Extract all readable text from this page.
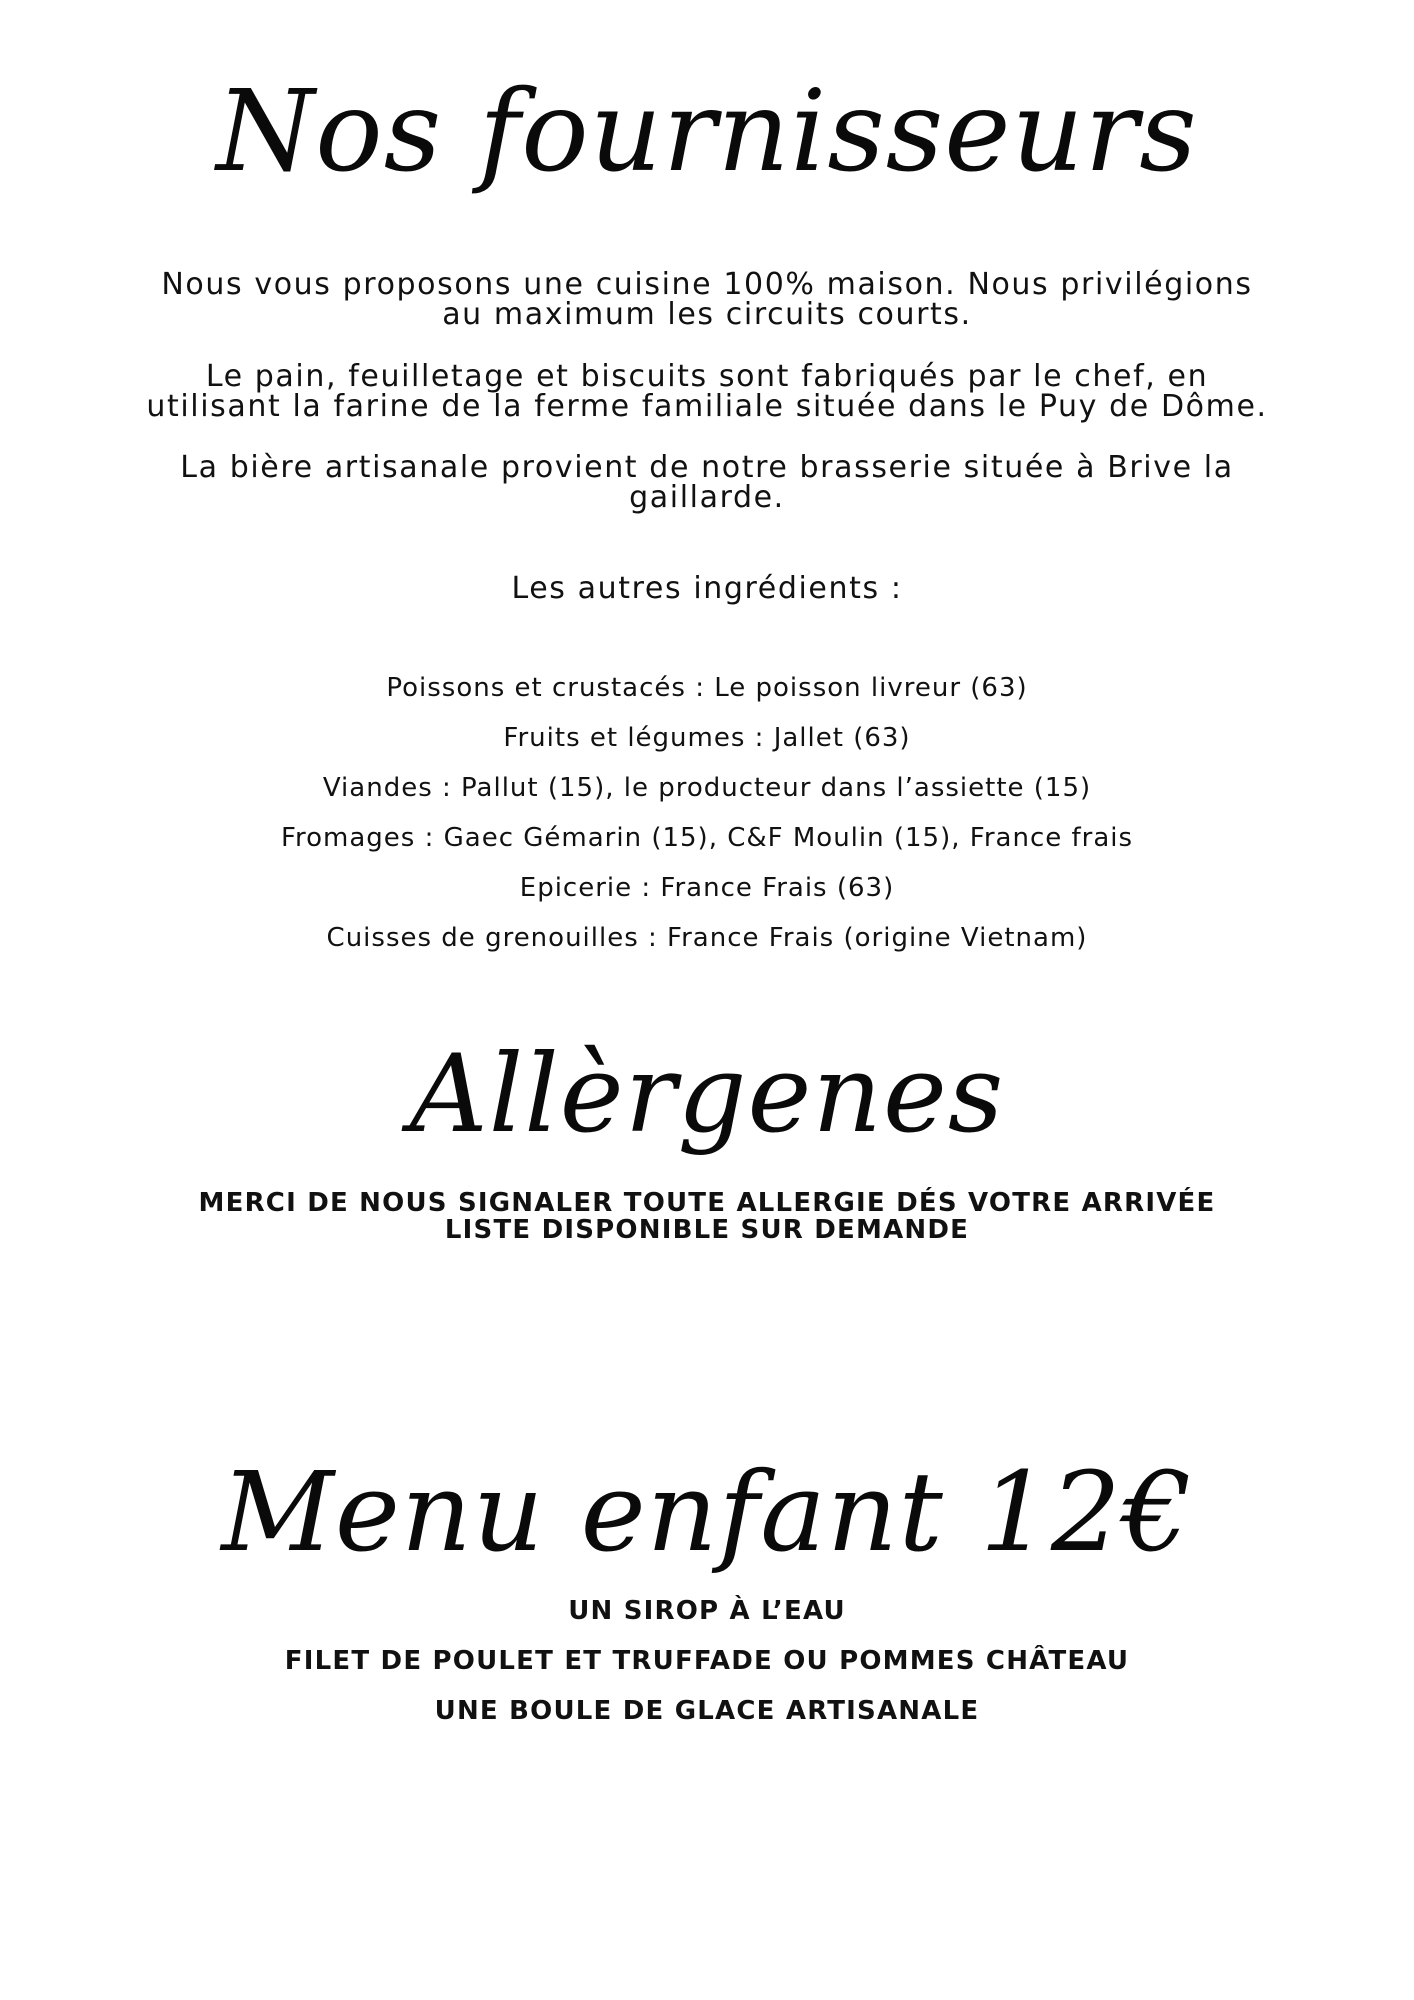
Nos fournisseurs
Nous vous proposons une cuisine 100% maison. Nous privilégions
au maximum les circuits courts.
Le pain, feuilletage et biscuits sont fabriqués par le chef, en
utilisant la farine de la ferme familiale située dans le Puy de Dôme.
La bière artisanale provient de notre brasserie située à Brive la
gaillarde.
Les autres ingrédients :
Poissons et crustacés : Le poisson livreur (63)
Fruits et légumes : Jallet (63)
Viandes : Pallut (15), le producteur dans l’assiette (15)
Fromages : Gaec Gémarin (15), C&F Moulin (15), France frais
Epicerie : France Frais (63)
Cuisses de grenouilles : France Frais (origine Vietnam)
Allèrgenes
MERCI DE NOUS SIGNALER TOUTE ALLERGIE DÉS VOTRE ARRIVÉE
LISTE DISPONIBLE SUR DEMANDE
Menu enfant 12€
UN SIROP À L’EAU
FILET DE POULET ET TRUFFADE OU POMMES CHÂTEAU
UNE BOULE DE GLACE ARTISANALE
